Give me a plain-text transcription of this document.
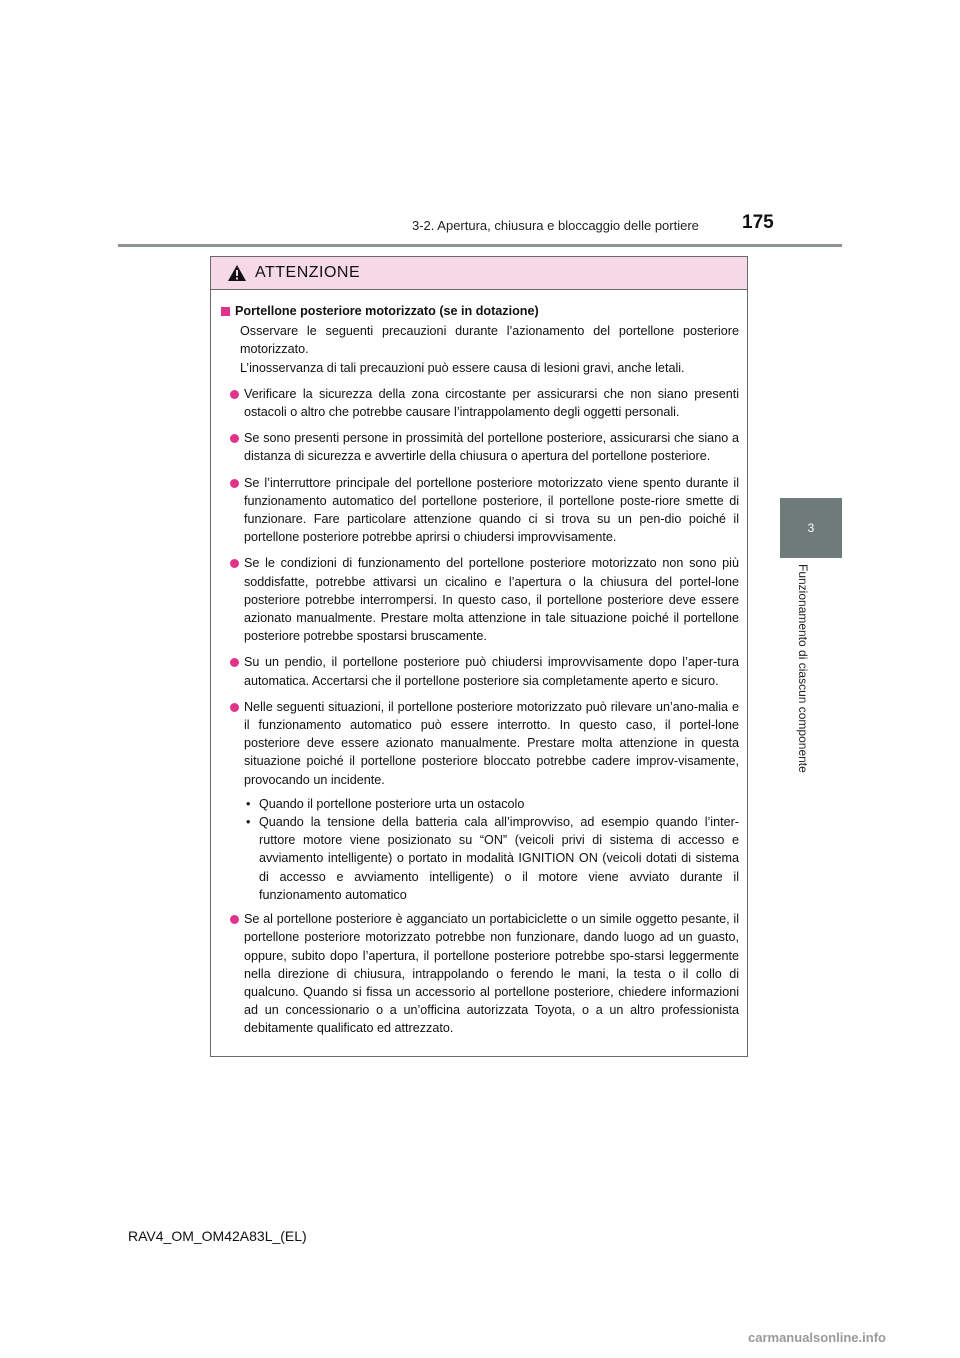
3-2. Apertura, chiusura e bloccaggio delle portiere 175
3
Funzionamento di ciascun componente
ATTENZIONE
Portellone posteriore motorizzato (se in dotazione)
Osservare le seguenti precauzioni durante l’azionamento del portellone posteriore motorizzato.
L’inosservanza di tali precauzioni può essere causa di lesioni gravi, anche letali.
Verificare la sicurezza della zona circostante per assicurarsi che non siano presenti ostacoli o altro che potrebbe causare l’intrappolamento degli oggetti personali.
Se sono presenti persone in prossimità del portellone posteriore, assicurarsi che siano a distanza di sicurezza e avvertirle della chiusura o apertura del portellone posteriore.
Se l’interruttore principale del portellone posteriore motorizzato viene spento durante il funzionamento automatico del portellone posteriore, il portellone poste-riore smette di funzionare. Fare particolare attenzione quando ci si trova su un pen-dio poiché il portellone posteriore potrebbe aprirsi o chiudersi improvvisamente.
Se le condizioni di funzionamento del portellone posteriore motorizzato non sono più soddisfatte, potrebbe attivarsi un cicalino e l’apertura o la chiusura del portel-lone posteriore potrebbe interrompersi. In questo caso, il portellone posteriore deve essere azionato manualmente. Prestare molta attenzione in tale situazione poiché il portellone posteriore potrebbe spostarsi bruscamente.
Su un pendio, il portellone posteriore può chiudersi improvvisamente dopo l’aper-tura automatica. Accertarsi che il portellone posteriore sia completamente aperto e sicuro.
Nelle seguenti situazioni, il portellone posteriore motorizzato può rilevare un’ano-malia e il funzionamento automatico può essere interrotto. In questo caso, il portel-lone posteriore deve essere azionato manualmente. Prestare molta attenzione in questa situazione poiché il portellone posteriore bloccato potrebbe cadere improv-visamente, provocando un incidente.
• Quando il portellone posteriore urta un ostacolo
• Quando la tensione della batteria cala all’improvviso, ad esempio quando l’inter-ruttore motore viene posizionato su “ON” (veicoli privi di sistema di accesso e avviamento intelligente) o portato in modalità IGNITION ON (veicoli dotati di sistema di accesso e avviamento intelligente) o il motore viene avviato durante il funzionamento automatico
Se al portellone posteriore è agganciato un portabiciclette o un simile oggetto pesante, il portellone posteriore motorizzato potrebbe non funzionare, dando luogo ad un guasto, oppure, subito dopo l’apertura, il portellone posteriore potrebbe spo-starsi leggermente nella direzione di chiusura, intrappolando o ferendo le mani, la testa o il collo di qualcuno. Quando si fissa un accessorio al portellone posteriore, chiedere informazioni ad un concessionario o a un’officina autorizzata Toyota, o a un altro professionista debitamente qualificato ed attrezzato.
RAV4_OM_OM42A83L_(EL)
carmanualsonline.info
